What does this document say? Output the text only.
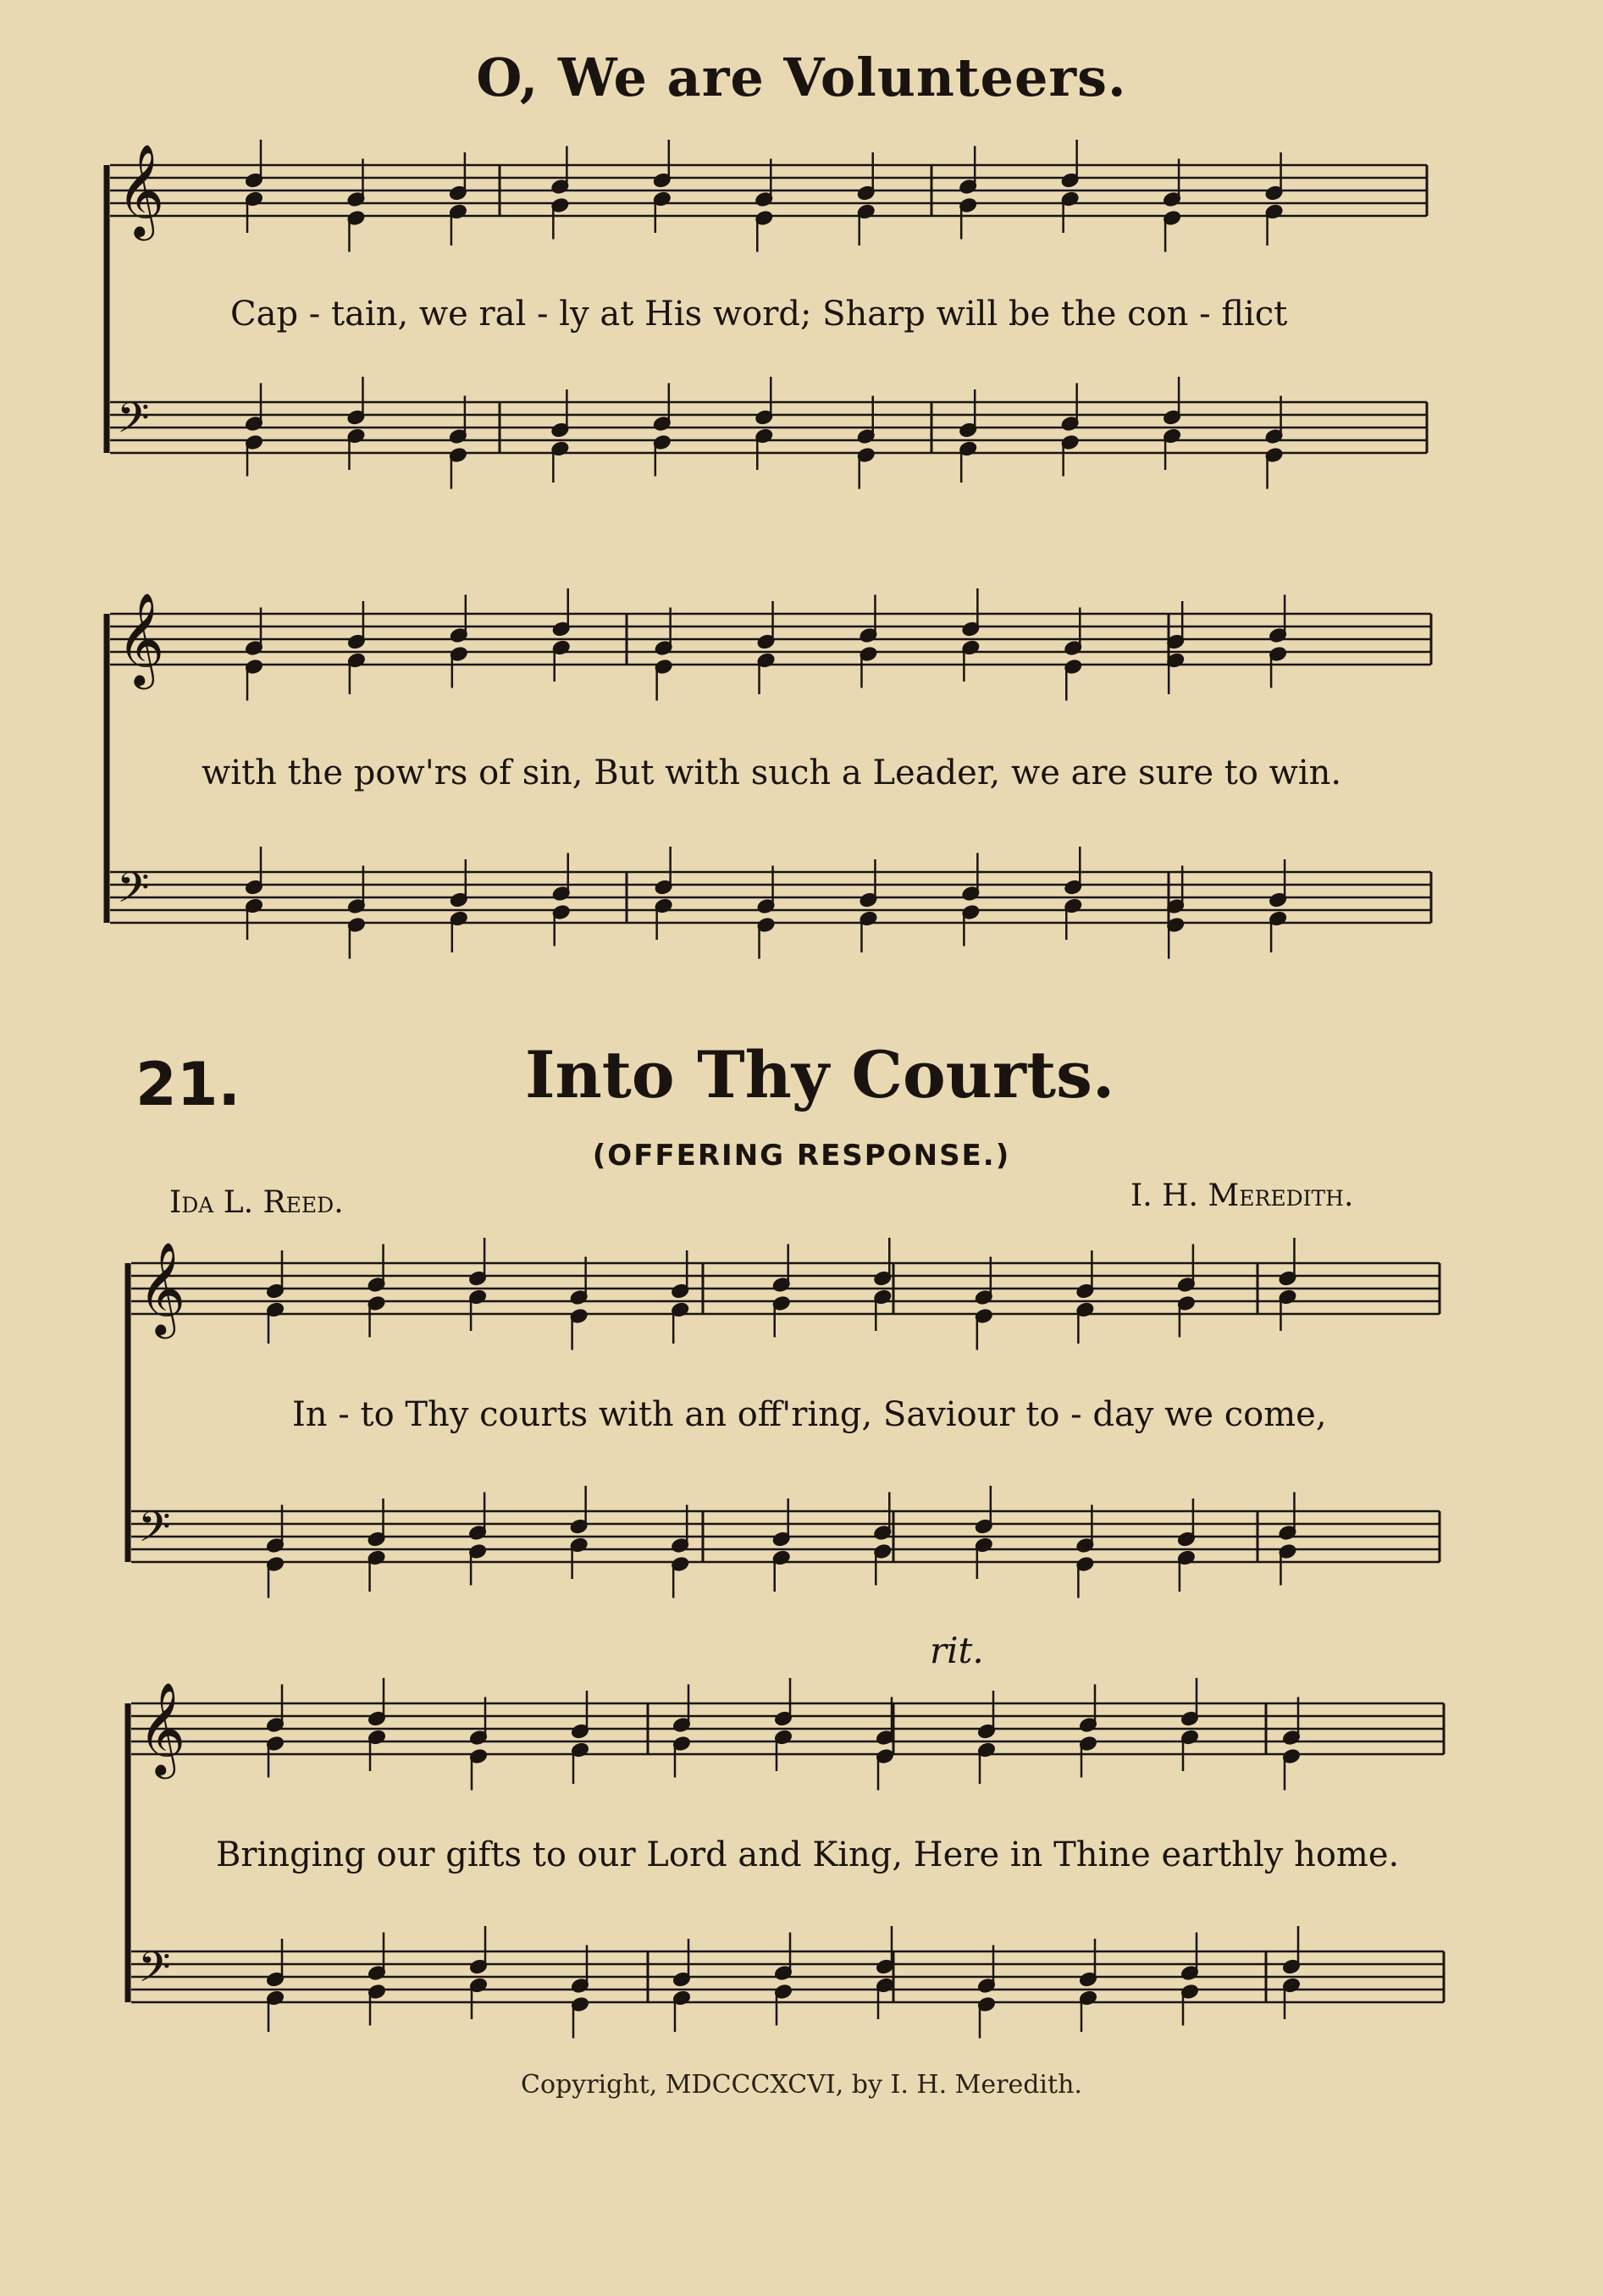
O, We are Volunteers.
Cap - tain, we ral - ly at His word; Sharp will be the con - flict
with the pow'rs of sin, But with such a Leader, we are sure to win.
21.	Into Thy Courts.
(OFFERING RESPONSE.)
Ida L. Reed.	I. H. Meredith.
In - to Thy courts with an off'ring, Saviour to - day we come,
rit.
Bringing our gifts to our Lord and King, Here in Thine earthly home.
Copyright, MDCCCXCVI, by I. H. Meredith.
𝄞
𝄢
𝄞
𝄢
𝄞
𝄢
𝄞
𝄢
